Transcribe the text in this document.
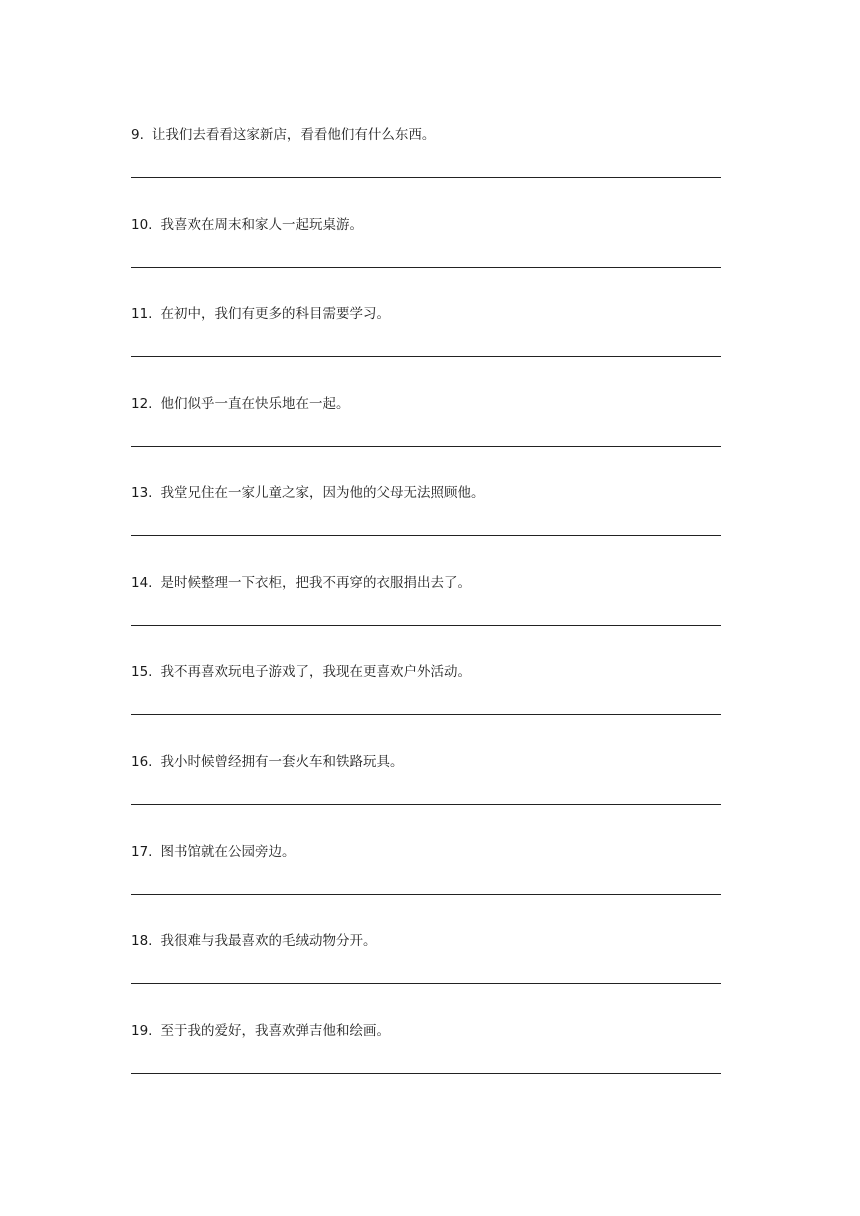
9. 让我们去看看这家新店，看看他们有什么东西。
10. 我喜欢在周末和家人一起玩桌游。
11. 在初中，我们有更多的科目需要学习。
12. 他们似乎一直在快乐地在一起。
13. 我堂兄住在一家儿童之家，因为他的父母无法照顾他。
14. 是时候整理一下衣柜，把我不再穿的衣服捐出去了。
15. 我不再喜欢玩电子游戏了，我现在更喜欢户外活动。
16. 我小时候曾经拥有一套火车和铁路玩具。
17. 图书馆就在公园旁边。
18. 我很难与我最喜欢的毛绒动物分开。
19. 至于我的爱好，我喜欢弹吉他和绘画。
